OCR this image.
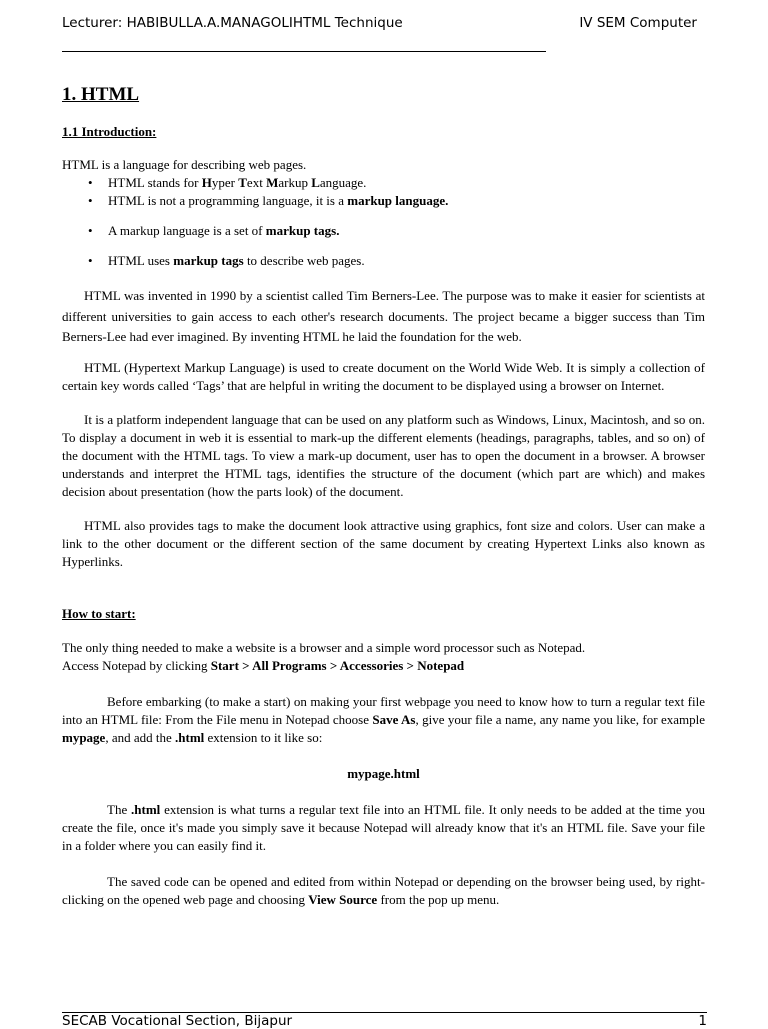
Lecturer: HABIBULLA.A.MANAGOLIHTML Technique	IV SEM Computer
1. HTML
1.1 Introduction:

HTML is a language for describing web pages.

• HTML stands for Hyper Text Markup Language.
• HTML is not a programming language, it is a markup language.
• A markup language is a set of markup tags.
• HTML uses markup tags to describe web pages.

HTML was invented in 1990 by a scientist called Tim Berners-Lee. The purpose was to make it easier for scientists at different universities to gain access to each other's research documents. The project became a bigger success than Tim Berners-Lee had ever imagined. By inventing HTML he laid the foundation for the web.

HTML (Hypertext Markup Language) is used to create document on the World Wide Web. It is simply a collection of certain key words called ‘Tags’ that are helpful in writing the document to be displayed using a browser on Internet.

It is a platform independent language that can be used on any platform such as Windows, Linux, Macintosh, and so on. To display a document in web it is essential to mark-up the different elements (headings, paragraphs, tables, and so on) of the document with the HTML tags. To view a mark-up document, user has to open the document in a browser. A browser understands and interpret the HTML tags, identifies the structure of the document (which part are which) and makes decision about presentation (how the parts look) of the document.

HTML also provides tags to make the document look attractive using graphics, font size and colors. User can make a link to the other document or the different section of the same document by creating Hypertext Links also known as Hyperlinks.

How to start:

The only thing needed to make a website is a browser and a simple word processor such as Notepad.

Access Notepad by clicking Start > All Programs > Accessories > Notepad

Before embarking (to make a start) on making your first webpage you need to know how to turn a regular text file into an HTML file: From the File menu in Notepad choose Save As, give your file a name, any name you like, for example mypage, and add the .html extension to it like so:

mypage.html

The .html extension is what turns a regular text file into an HTML file. It only needs to be added at the time you create the file, once it's made you simply save it because Notepad will already know that it's an HTML file. Save your file in a folder where you can easily find it.

The saved code can be opened and edited from within Notepad or depending on the browser being used, by right-clicking on the opened web page and choosing View Source from the pop up menu.

SECAB Vocational Section, Bijapur	1
